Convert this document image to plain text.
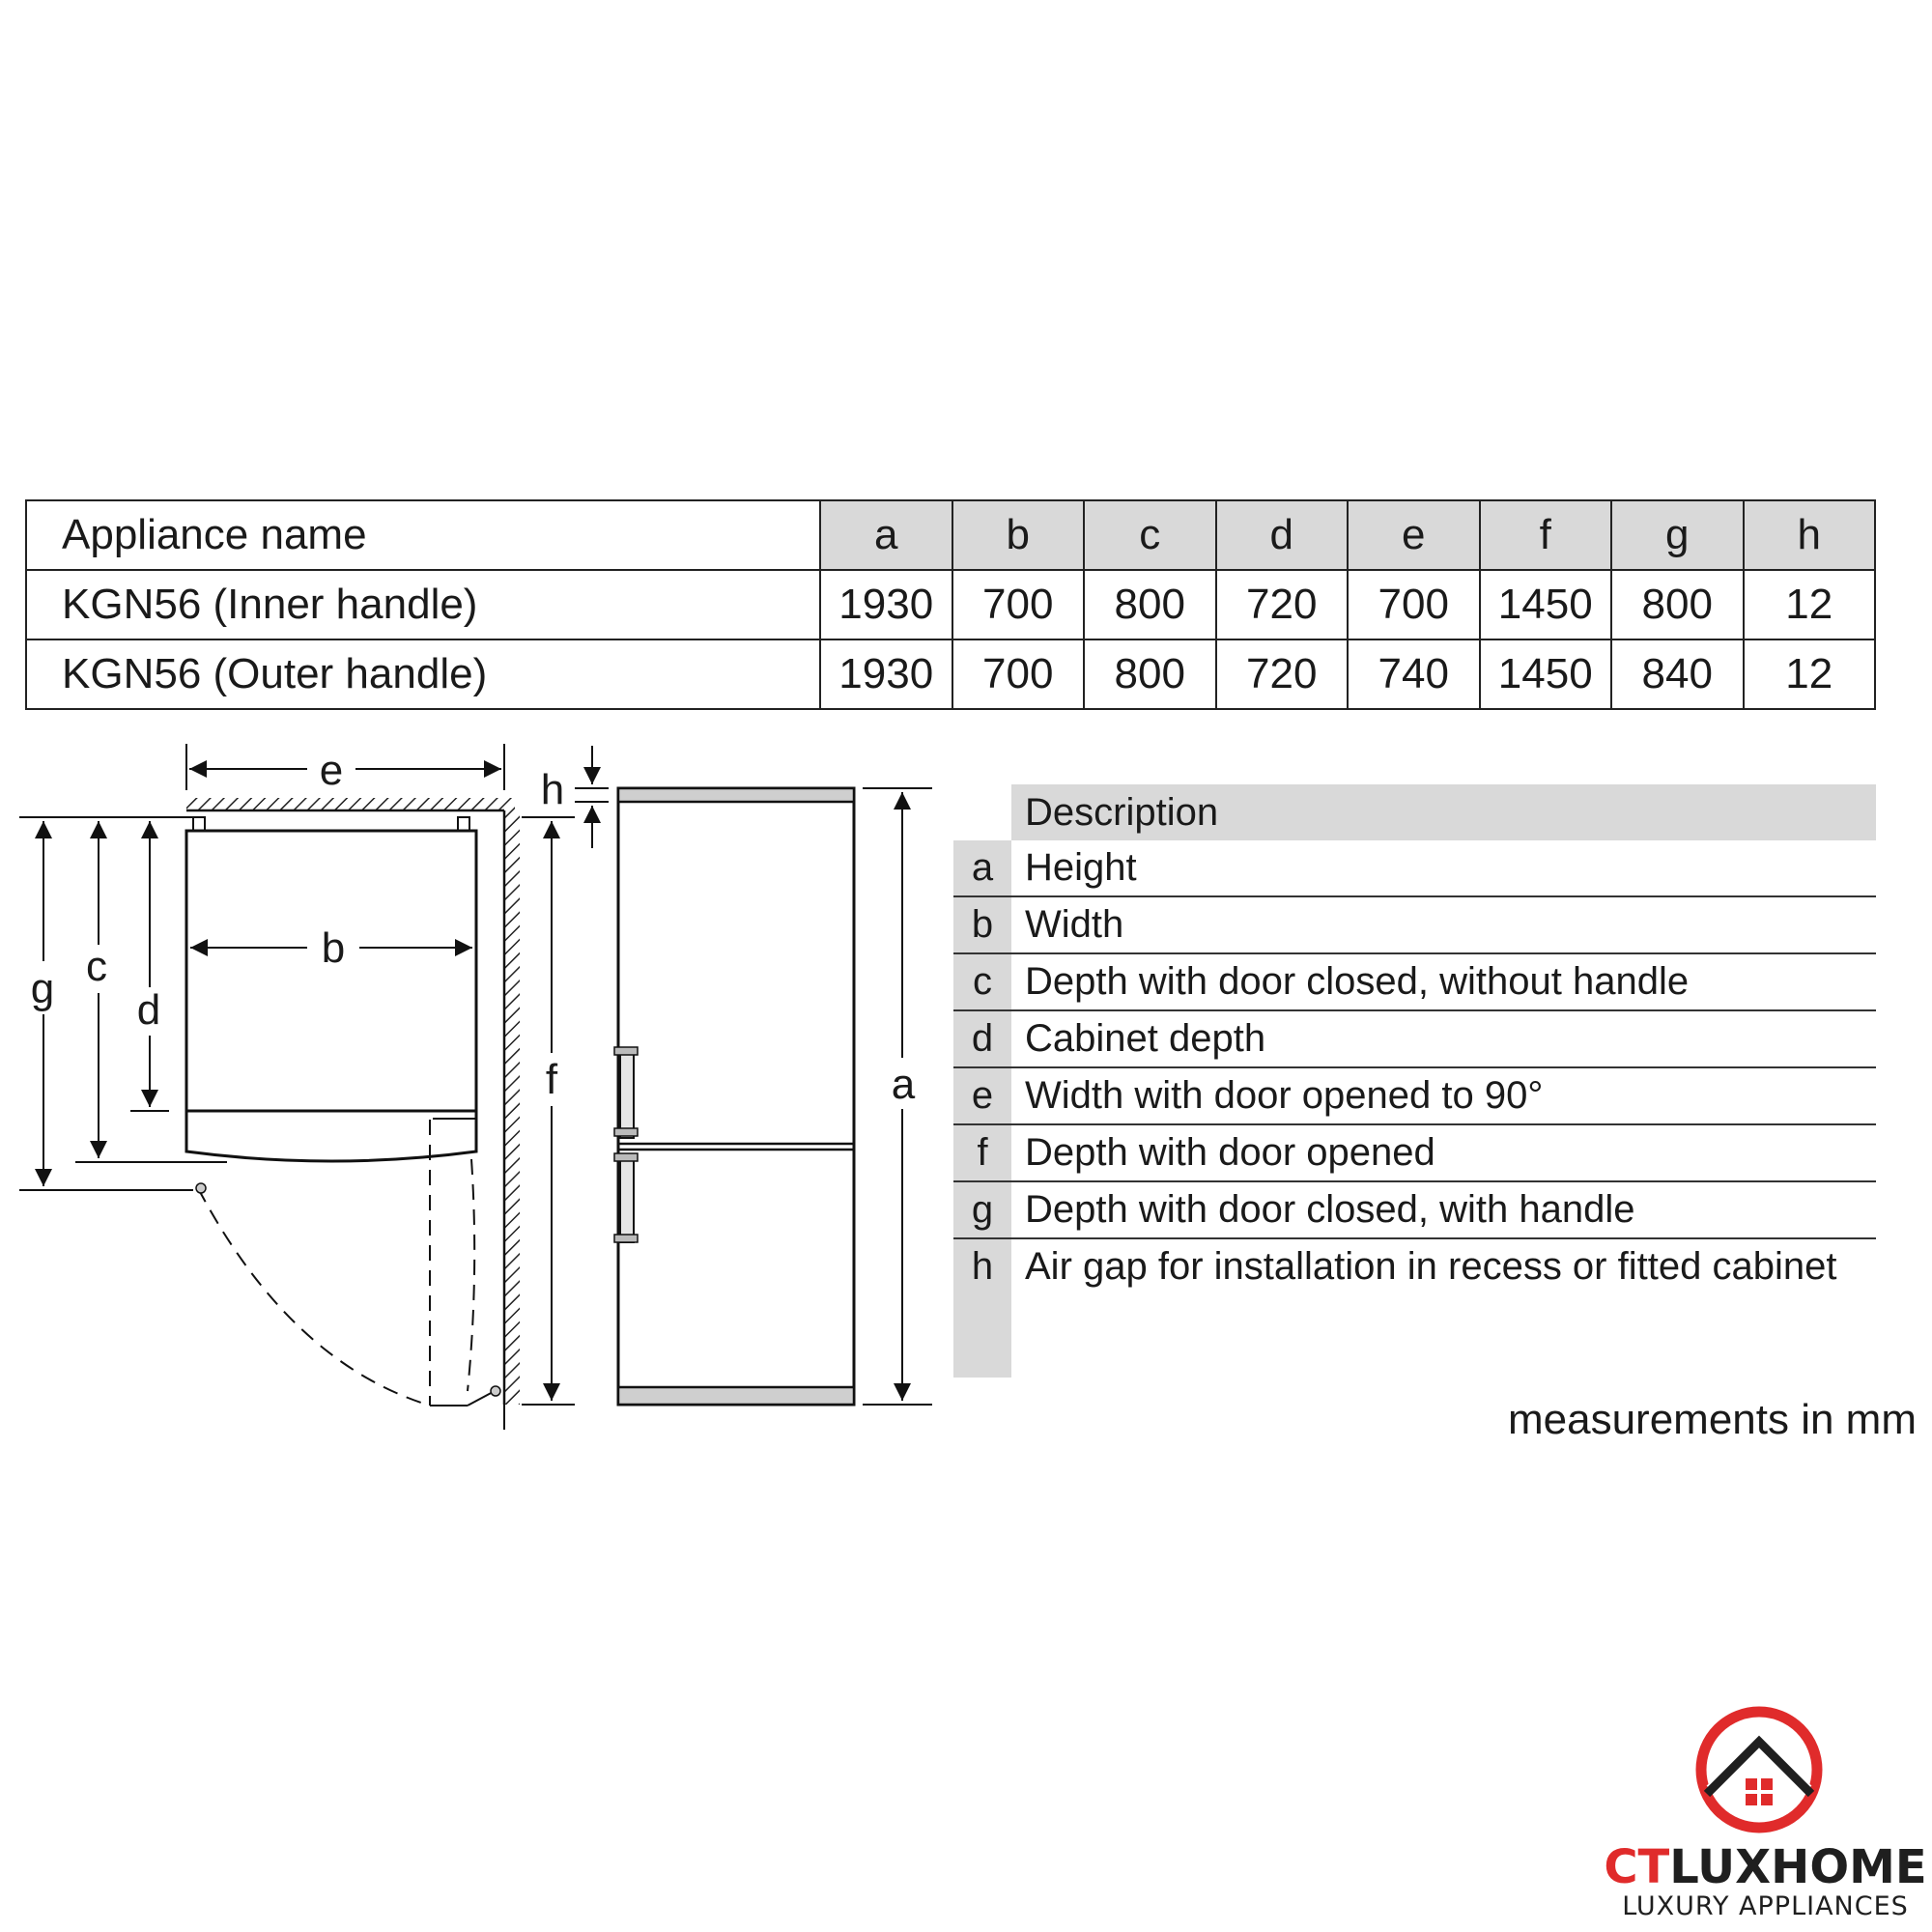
Appliance name	a	b	c	d	e	f	g	h
KGN56 (Inner handle)	1930	700	800	720	700	1450	800	12
KGN56 (Outer handle)	1930	700	800	720	740	1450	840	12
e
b
c
d
g
f
h
a
	Description
a	Height
b	Width
c	Depth with door closed, without handle
d	Cabinet depth
e	Width with door opened to 90°
f	Depth with door opened
g	Depth with door closed, with handle
h	Air gap for installation in recess or fitted cabinet

measurements in mm
CTLUXHOME
LUXURY APPLIANCES
